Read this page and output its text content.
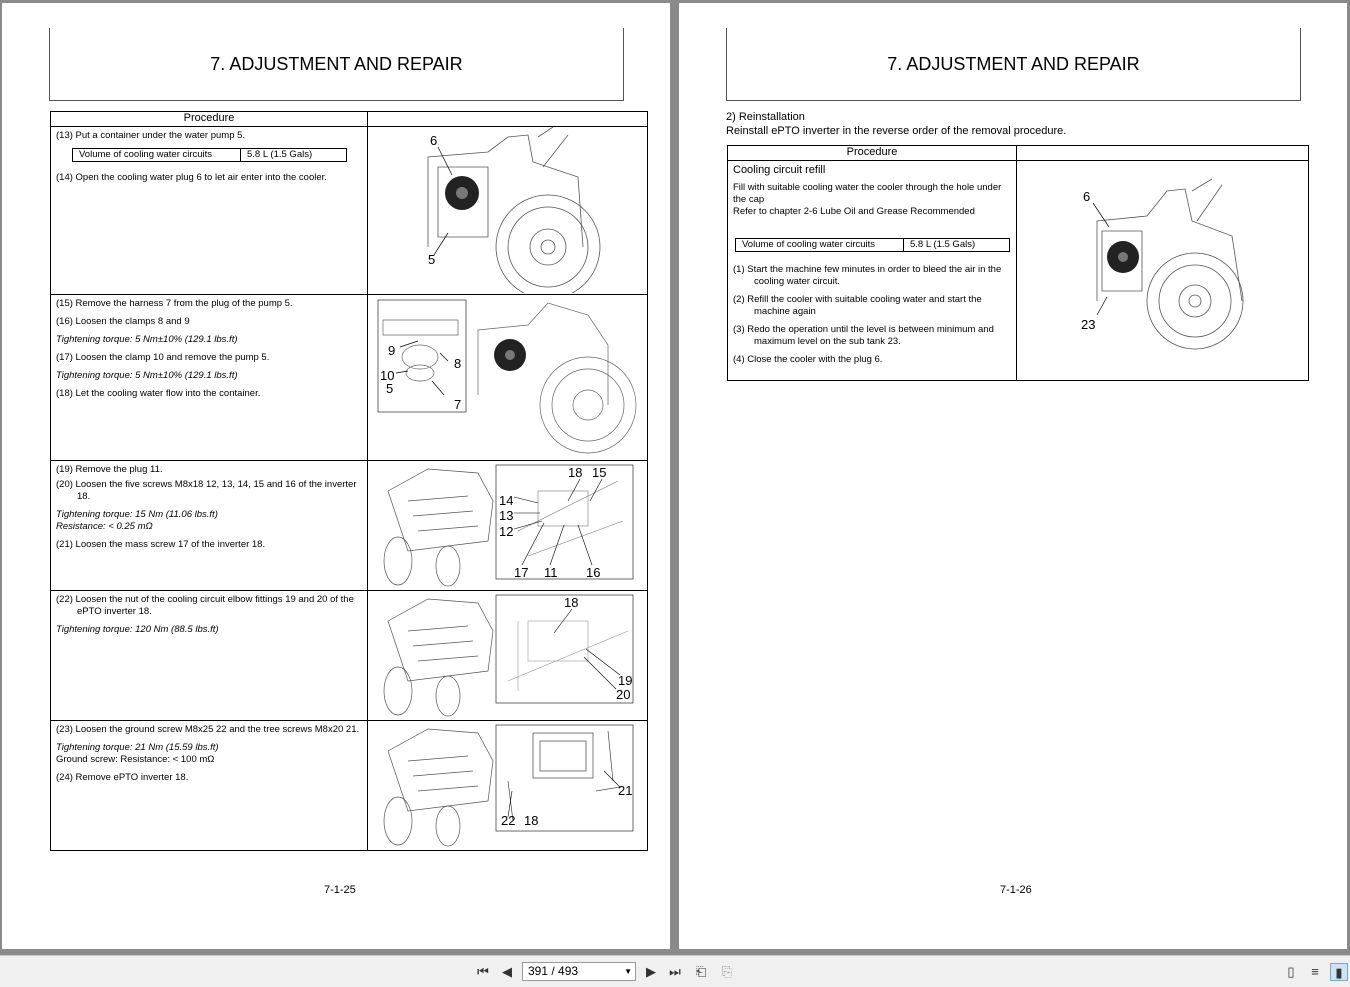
7. ADJUSTMENT AND REPAIR
Procedure	

(13) Put a container under the water pump 5.

Volume of cooling water circuits	5.8 L (1.5 Gals)

(14) Open the cooling water plug 6 to let air enter into the cooler.

6
5

(15) Remove the harness 7 from the plug of the pump 5.

(16) Loosen the clamps 8 and 9

Tightening torque: 5 Nm±10% (129.1 lbs.ft)

(17) Loosen the clamp 10 and remove the pump 5.

Tightening torque: 5 Nm±10% (129.1 lbs.ft)

(18) Let the cooling water flow into the container.

9
8
10
5
7

(19) Remove the plug 11.

(20) Loosen the five screws M8x18 12, 13, 14, 15 and 16 of the inverter 18.

Tightening torque: 15 Nm (11.06 lbs.ft)

Resistance: < 0.25 mΩ

(21) Loosen the mass screw 17 of the inverter 18.

18 15
14
13
12
17 11 16

(22) Loosen the nut of the cooling circuit elbow fittings 19 and 20 of the ePTO inverter 18.

Tightening torque: 120 Nm (88.5 lbs.ft)

18
19
20

(23) Loosen the ground screw M8x25 22 and the tree screws M8x20 21.

Tightening torque: 21 Nm (15.59 lbs.ft)

Ground screw: Resistance: < 100 mΩ

(24) Remove ePTO inverter 18.

21
22 18
7-1-25
7. ADJUSTMENT AND REPAIR
2) Reinstallation
Reinstall ePTO inverter in the reverse order of the removal procedure.
Procedure	

Cooling circuit refill

Fill with suitable cooling water the cooler through the hole under the cap

Refer to chapter 2-6 Lube Oil and Grease Recommended

Volume of cooling water circuits	5.8 L (1.5 Gals)

(1) Start the machine few minutes in order to bleed the air in the cooling water circuit.

(2) Refill the cooler with suitable cooling water and start the machine again

(3) Redo the operation until the level is between minimum and maximum level on the sub tank 23.

(4) Close the cooler with the plug 6.

6
23
7-1-26
⏮	◀	391 / 493	▼	▶	⏭ ⎗ ⎘	▯	≡	▮
